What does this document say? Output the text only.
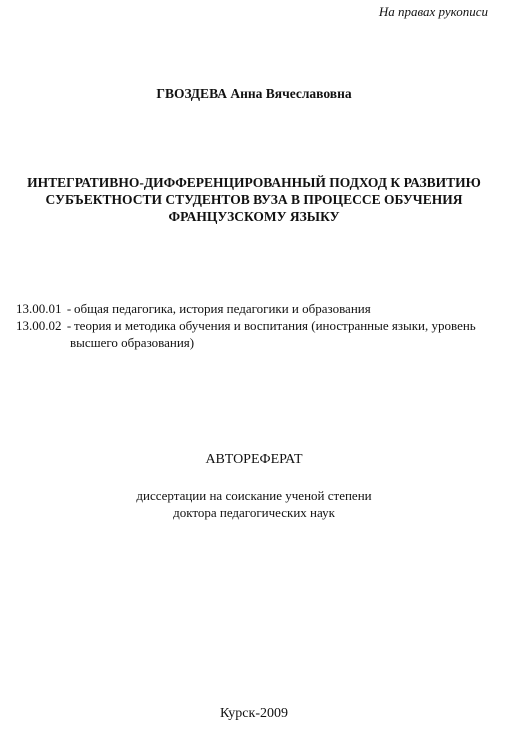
На правах рукописи
ГВОЗДЕВА Анна Вячеславовна
ИНТЕГРАТИВНО-ДИФФЕРЕНЦИРОВАННЫЙ ПОДХОД К РАЗВИТИЮ
СУБЪЕКТНОСТИ СТУДЕНТОВ ВУЗА В ПРОЦЕССЕ ОБУЧЕНИЯ
ФРАНЦУЗСКОМУ ЯЗЫКУ
13.00.01 - общая педагогика, история педагогики и образования
13.00.02 - теория и методика обучения и воспитания (иностранные языки, уровень
высшего образования)
АВТОРЕФЕРАТ
диссертации на соискание ученой степени
доктора педагогических наук
Курск-2009
